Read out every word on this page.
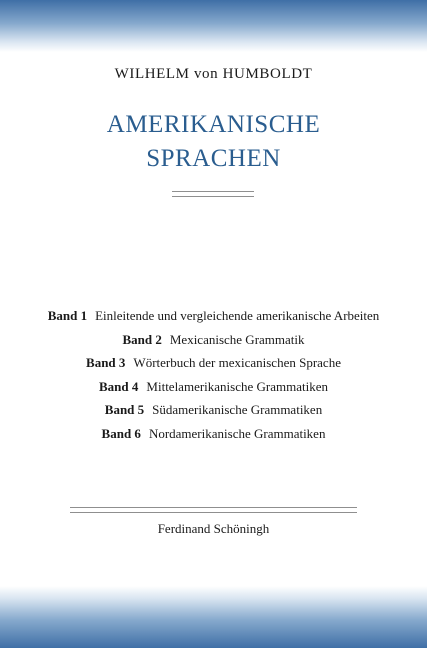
WILHELM von HUMBOLDT
AMERIKANISCHE
SPRACHEN
Band 1 Einleitende und vergleichende amerikanische Arbeiten
Band 2 Mexicanische Grammatik
Band 3 Wörterbuch der mexicanischen Sprache
Band 4 Mittelamerikanische Grammatiken
Band 5 Südamerikanische Grammatiken
Band 6 Nordamerikanische Grammatiken
Ferdinand Schöningh
